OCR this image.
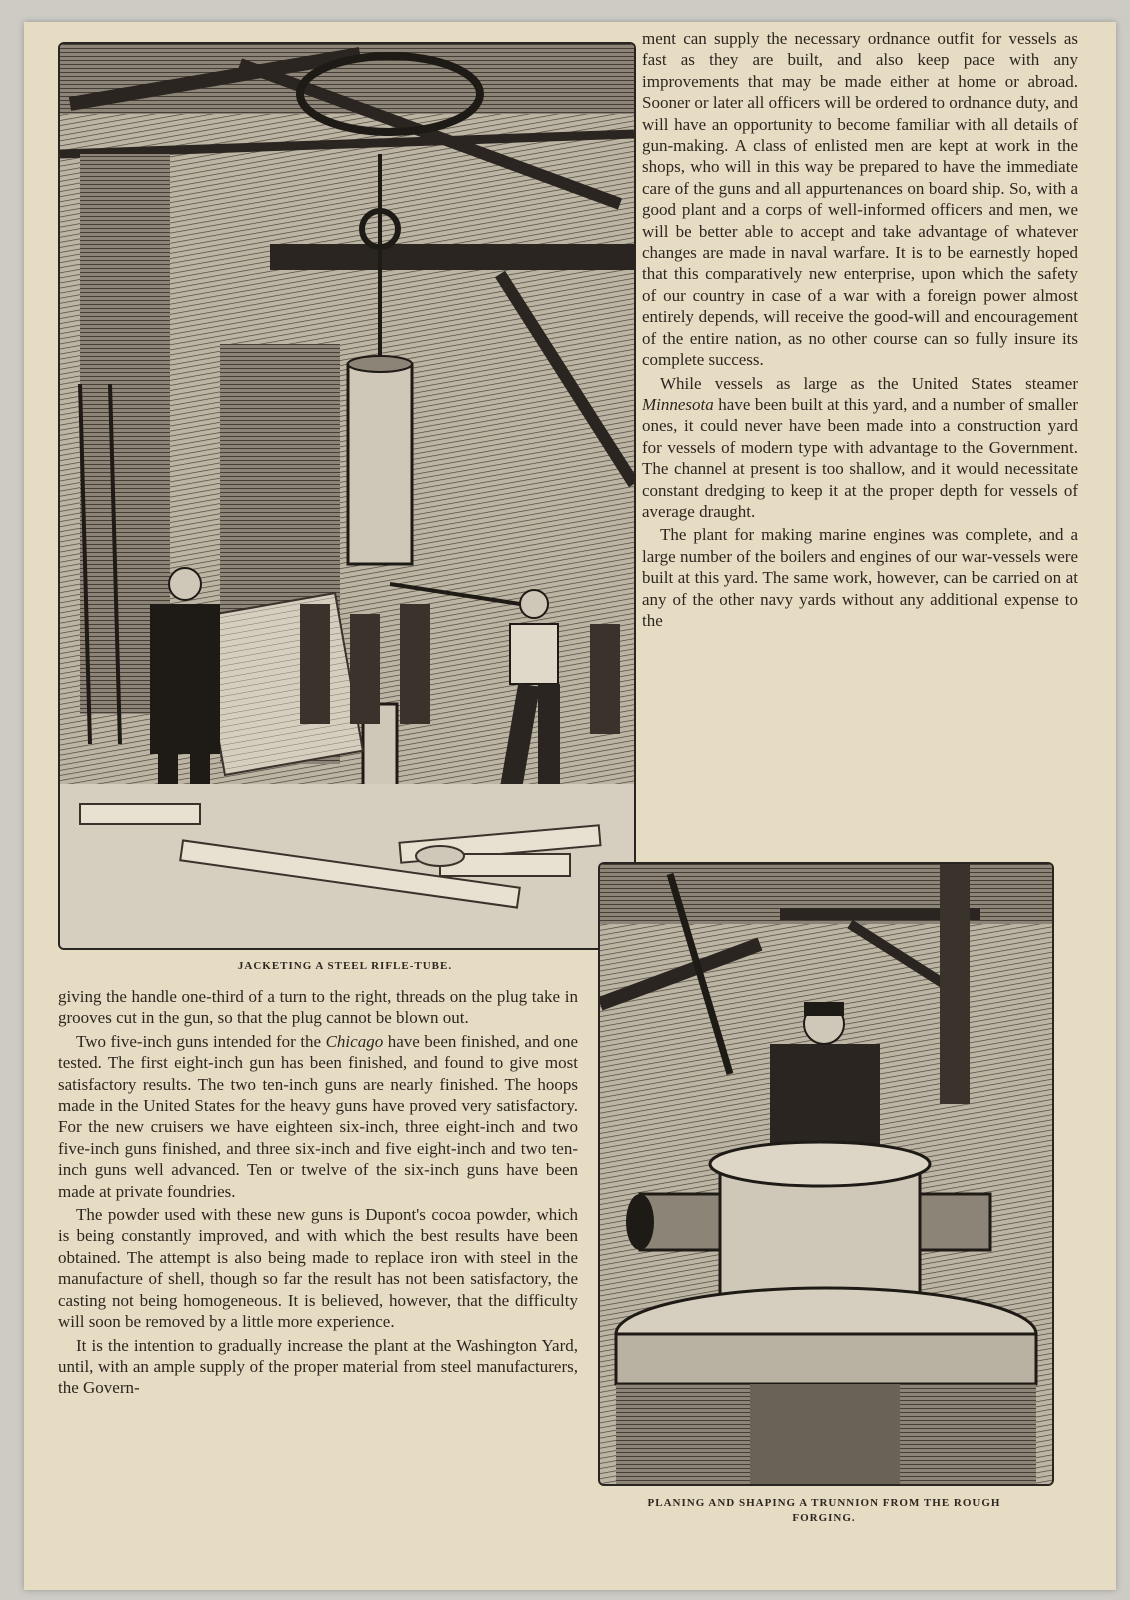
JACKETING A STEEL RIFLE-TUBE.

ment can supply the necessary ordnance outfit for vessels as fast as they are built, and also keep pace with any improvements that may be made either at home or abroad. Sooner or later all officers will be ordered to ordnance duty, and will have an opportunity to become familiar with all details of gun-making. A class of enlisted men are kept at work in the shops, who will in this way be prepared to have the immediate care of the guns and all appurtenances on board ship. So, with a good plant and a corps of well-informed officers and men, we will be better able to accept and take advantage of whatever changes are made in naval warfare. It is to be earnestly hoped that this comparatively new enterprise, upon which the safety of our country in case of a war with a foreign power almost entirely depends, will receive the good-will and encouragement of the entire nation, as no other course can so fully insure its complete success.

While vessels as large as the United States steamer Minnesota have been built at this yard, and a number of smaller ones, it could never have been made into a construction yard for vessels of modern type with advantage to the Government. The channel at present is too shallow, and it would necessitate constant dredging to keep it at the proper depth for vessels of average draught.

The plant for making marine engines was complete, and a large number of the boilers and engines of our war-vessels were built at this yard. The same work, however, can be carried on at any of the other navy yards without any additional expense to the

giving the handle one-third of a turn to the right, threads on the plug take in grooves cut in the gun, so that the plug cannot be blown out.

Two five-inch guns intended for the Chicago have been finished, and one tested. The first eight-inch gun has been finished, and found to give most satisfactory results. The two ten-inch guns are nearly finished. The hoops made in the United States for the heavy guns have proved very satisfactory. For the new cruisers we have eighteen six-inch, three eight-inch and two five-inch guns finished, and three six-inch and five eight-inch and two ten-inch guns well advanced. Ten or twelve of the six-inch guns have been made at private foundries.

The powder used with these new guns is Dupont's cocoa powder, which is being constantly improved, and with which the best results have been obtained. The attempt is also being made to replace iron with steel in the manufacture of shell, though so far the result has not been satisfactory, the casting not being homogeneous. It is believed, however, that the difficulty will soon be removed by a little more experience.

It is the intention to gradually increase the plant at the Washington Yard, until, with an ample supply of the proper material from steel manufacturers, the Govern-

PLANING AND SHAPING A TRUNNION FROM THE ROUGH FORGING.
